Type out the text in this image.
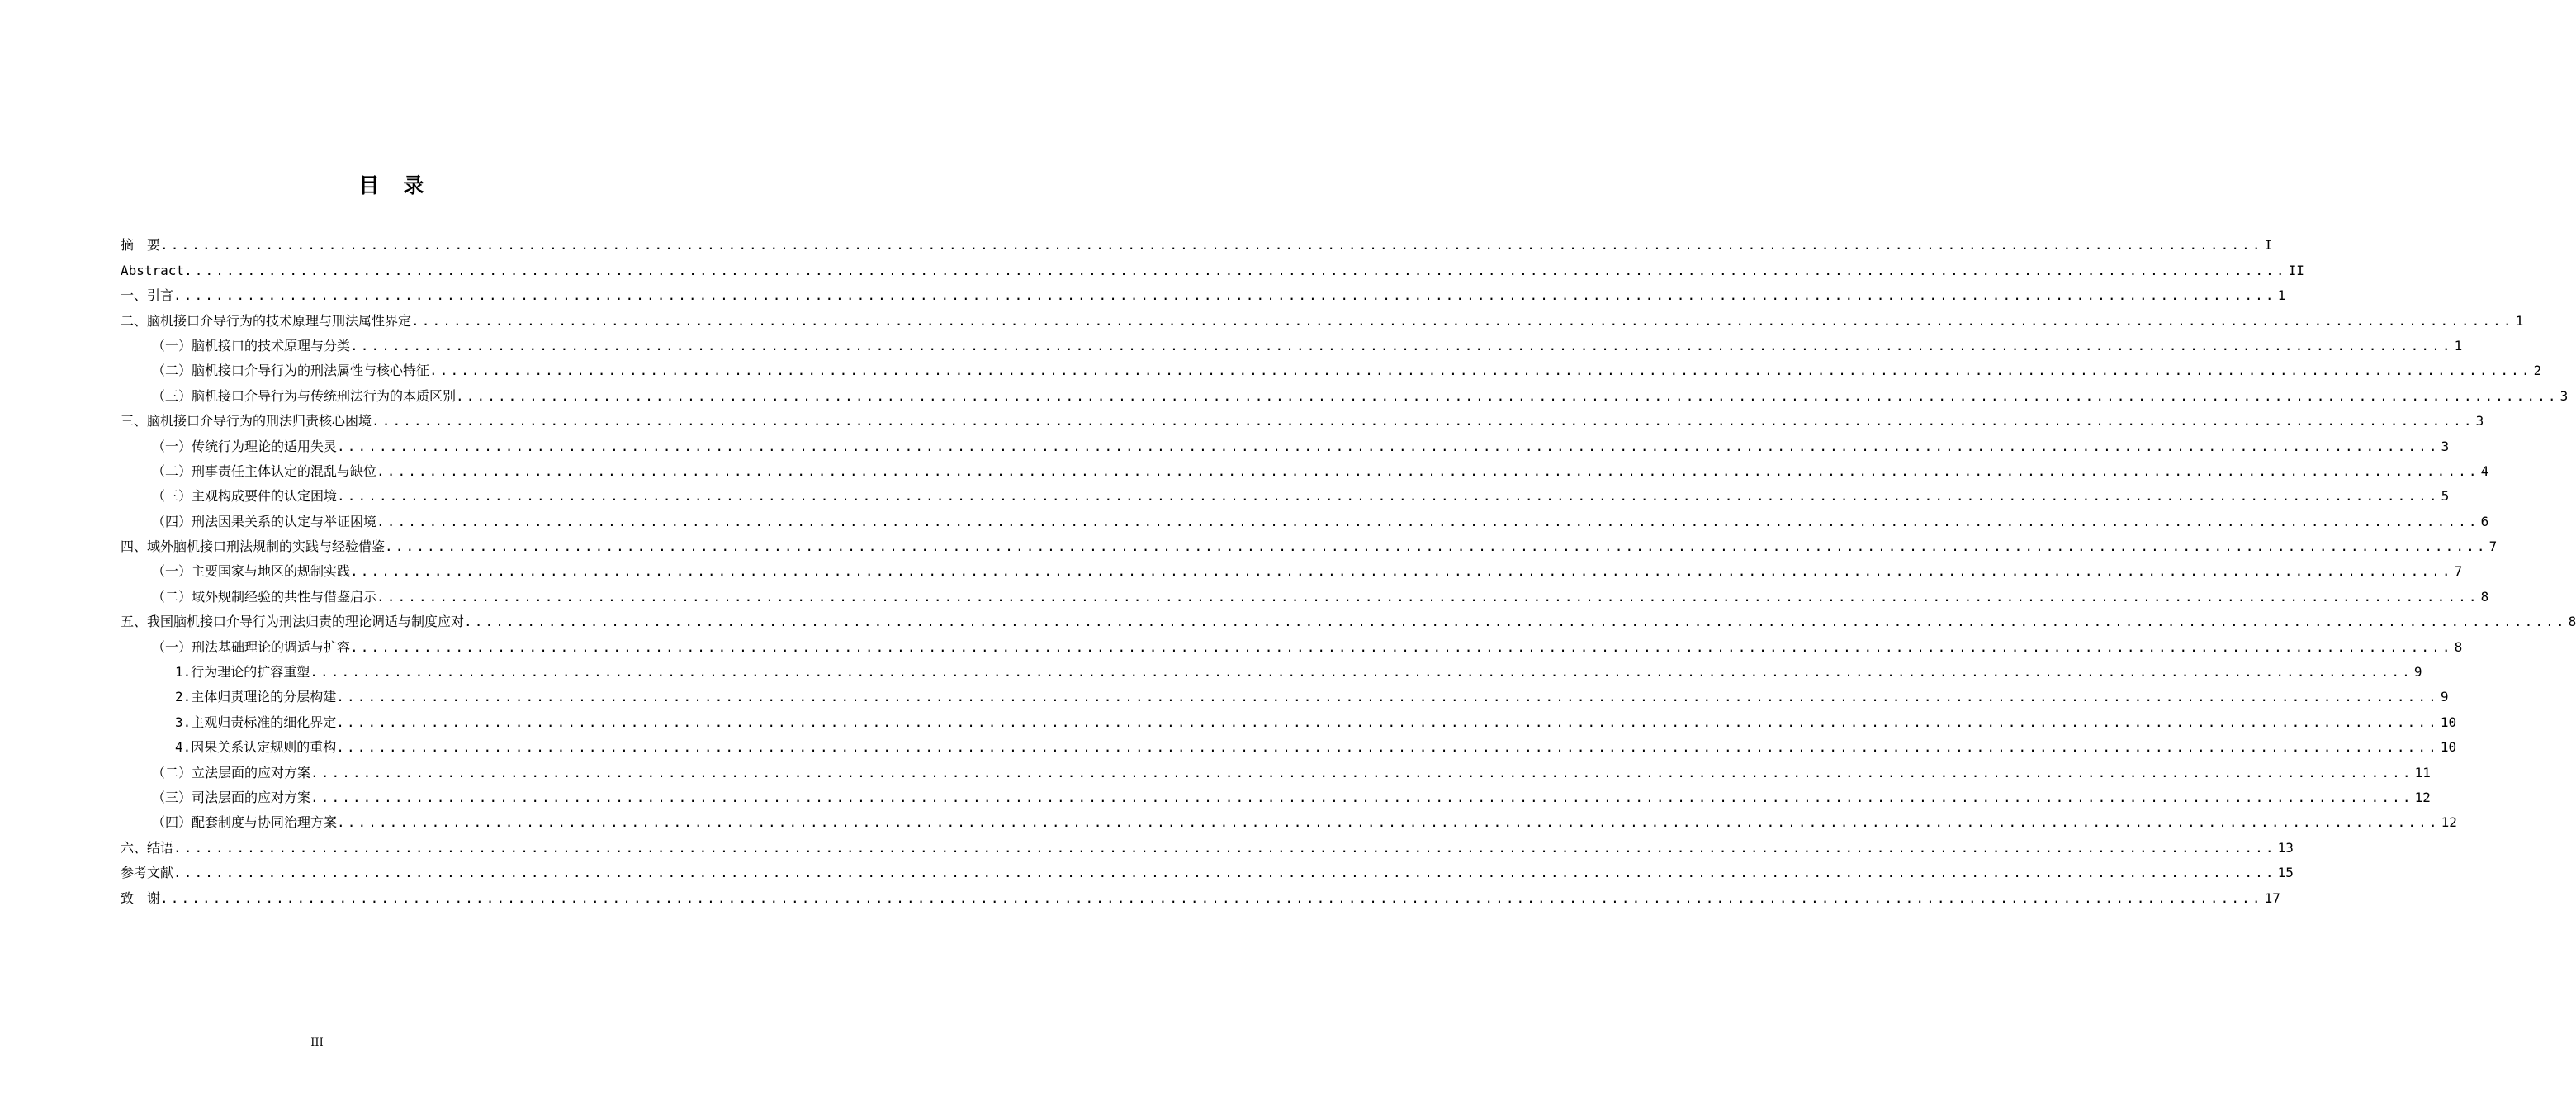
目　录
摘　要 ........................................................................................................................................................................................................ I
Abstract ........................................................................................................................................................................................................ II
一、引言 ........................................................................................................................................................................................................ 1
二、脑机接口介导行为的技术原理与刑法属性界定 ........................................................................................................................................................................................................ 1
（一）脑机接口的技术原理与分类 ........................................................................................................................................................................................................ 1
（二）脑机接口介导行为的刑法属性与核心特征 ........................................................................................................................................................................................................ 2
（三）脑机接口介导行为与传统刑法行为的本质区别 ........................................................................................................................................................................................................ 3
三、脑机接口介导行为的刑法归责核心困境 ........................................................................................................................................................................................................ 3
（一）传统行为理论的适用失灵 ........................................................................................................................................................................................................ 3
（二）刑事责任主体认定的混乱与缺位 ........................................................................................................................................................................................................ 4
（三）主观构成要件的认定困境 ........................................................................................................................................................................................................ 5
（四）刑法因果关系的认定与举证困境 ........................................................................................................................................................................................................ 6
四、域外脑机接口刑法规制的实践与经验借鉴 ........................................................................................................................................................................................................ 7
（一）主要国家与地区的规制实践 ........................................................................................................................................................................................................ 7
（二）域外规制经验的共性与借鉴启示 ........................................................................................................................................................................................................ 8
五、我国脑机接口介导行为刑法归责的理论调适与制度应对 ........................................................................................................................................................................................................ 8
（一）刑法基础理论的调适与扩容 ........................................................................................................................................................................................................ 8
1.行为理论的扩容重塑 ........................................................................................................................................................................................................ 9
2.主体归责理论的分层构建 ........................................................................................................................................................................................................ 9
3.主观归责标准的细化界定 ........................................................................................................................................................................................................ 10
4.因果关系认定规则的重构 ........................................................................................................................................................................................................ 10
（二）立法层面的应对方案 ........................................................................................................................................................................................................ 11
（三）司法层面的应对方案 ........................................................................................................................................................................................................ 12
（四）配套制度与协同治理方案 ........................................................................................................................................................................................................ 12
六、结语 ........................................................................................................................................................................................................ 13
参考文献 ........................................................................................................................................................................................................ 15
致　谢 ........................................................................................................................................................................................................ 17
III
